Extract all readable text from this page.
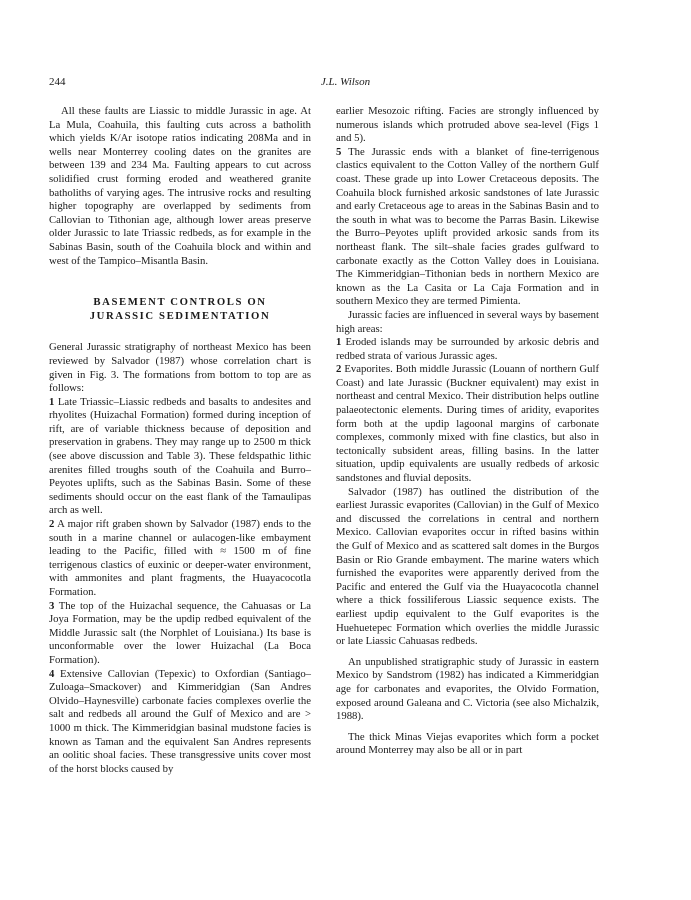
244	J.L. Wilson

All these faults are Liassic to middle Jurassic in age. At La Mula, Coahuila, this faulting cuts across a batholith which yields K/Ar isotope ratios indicating 208Ma and in wells near Monterrey cooling dates on the granites are between 139 and 234 Ma. Faulting appears to cut across solidified crust forming eroded and weathered granite batholiths of varying ages. The intrusive rocks and resulting higher topography are overlapped by sediments from Callovian to Tithonian age, although lower areas preserve older Jurassic to late Triassic redbeds, as for example in the Sabinas Basin, south of the Coahuila block and within and west of the Tampico–Misantla Basin.

BASEMENT CONTROLS ON
JURASSIC SEDIMENTATION

General Jurassic stratigraphy of northeast Mexico has been reviewed by Salvador (1987) whose correlation chart is given in Fig. 3. The formations from bottom to top are as follows:

1 Late Triassic–Liassic redbeds and basalts to andesites and rhyolites (Huizachal Formation) formed during inception of rift, are of variable thickness because of deposition and preservation in grabens. They may range up to 2500 m thick (see above discussion and Table 3). These feldspathic lithic arenites filled troughs south of the Coahuila and Burro–Peyotes uplifts, such as the Sabinas Basin. Some of these sediments should occur on the east flank of the Tamaulipas arch as well.

2 A major rift graben shown by Salvador (1987) ends to the south in a marine channel or aulacogen-like embayment leading to the Pacific, filled with ≈ 1500 m of fine terrigenous clastics of euxinic or deeper-water environment, with ammonites and plant fragments, the Huayacocotla Formation.

3 The top of the Huizachal sequence, the Cahuasas or La Joya Formation, may be the updip redbed equivalent of the Middle Jurassic salt (the Norphlet of Louisiana.) Its base is unconformable over the lower Huizachal (La Boca Formation).

4 Extensive Callovian (Tepexic) to Oxfordian (Santiago–Zuloaga–Smackover) and Kimmeridgian (San Andres Olvido–Haynesville) carbonate facies complexes overlie the salt and redbeds all around the Gulf of Mexico and are > 1000 m thick. The Kimmeridgian basinal mudstone facies is known as Taman and the equivalent San Andres represents an oolitic shoal facies. These transgressive units cover most of the horst blocks caused by

earlier Mesozoic rifting. Facies are strongly influenced by numerous islands which protruded above sea-level (Figs 1 and 5).

5 The Jurassic ends with a blanket of fine-terrigenous clastics equivalent to the Cotton Valley of the northern Gulf coast. These grade up into Lower Cretaceous deposits. The Coahuila block furnished arkosic sandstones of late Jurassic and early Cretaceous age to areas in the Sabinas Basin and to the south in what was to become the Parras Basin. Likewise the Burro–Peyotes uplift provided arkosic sands from its northeast flank. The silt–shale facies grades gulfward to carbonate exactly as the Cotton Valley does in Louisiana. The Kimmeridgian–Tithonian beds in northern Mexico are known as the La Casita or La Caja Formation and in southern Mexico they are termed Pimienta.

Jurassic facies are influenced in several ways by basement high areas:

1 Eroded islands may be surrounded by arkosic debris and redbed strata of various Jurassic ages.

2 Evaporites. Both middle Jurassic (Louann of northern Gulf Coast) and late Jurassic (Buckner equivalent) may exist in northeast and central Mexico. Their distribution helps outline palaeotectonic elements. During times of aridity, evaporites form both at the updip lagoonal margins of carbonate complexes, commonly mixed with fine clastics, but also in tectonically subsident areas, filling basins. In the latter situation, updip equivalents are usually redbeds of arkosic sandstones and fluvial deposits.

Salvador (1987) has outlined the distribution of the earliest Jurassic evaporites (Callovian) in the Gulf of Mexico and discussed the correlations in central and northern Mexico. Callovian evaporites occur in rifted basins within the Gulf of Mexico and as scattered salt domes in the Burgos Basin or Rio Grande embayment. The marine waters which furnished the evaporites were apparently derived from the Pacific and entered the Gulf via the Huayacocotla channel where a thick fossiliferous Liassic sequence exists. The earliest updip equivalent to the Gulf evaporites is the Huehuetepec Formation which overlies the middle Jurassic or late Liassic Cahuasas redbeds.

An unpublished stratigraphic study of Jurassic in eastern Mexico by Sandstrom (1982) has indicated a Kimmeridgian age for carbonates and evaporites, the Olvido Formation, exposed around Galeana and C. Victoria (see also Michalzik, 1988).

The thick Minas Viejas evaporites which form a pocket around Monterrey may also be all or in part
